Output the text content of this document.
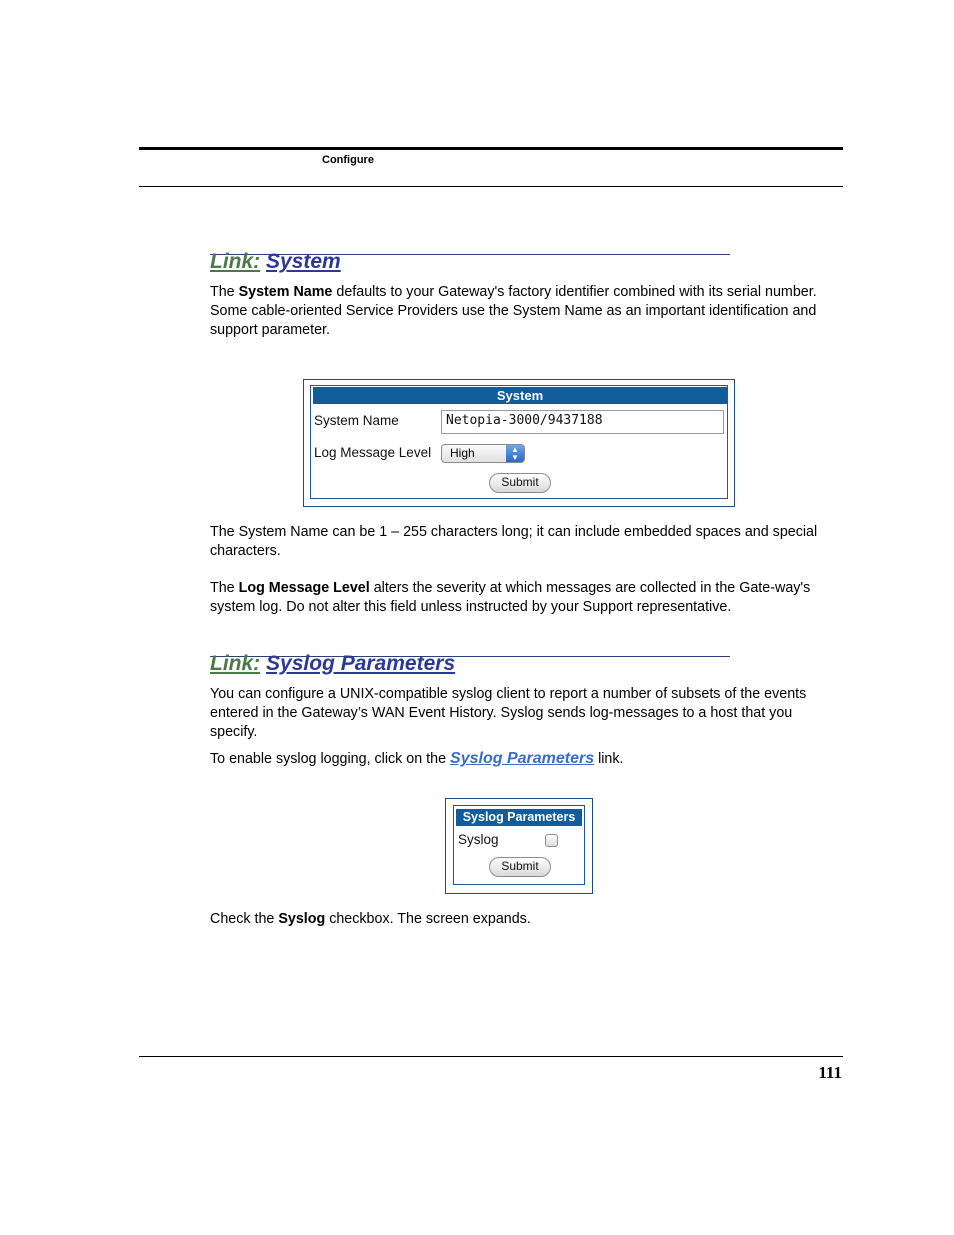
Configure
Link: System
The System Name defaults to your Gateway's factory identifier combined with its serial number. Some cable-oriented Service Providers use the System Name as an important identification and support parameter.
System
System Name	Netopia-3000/9437188
Log Message Level	High	▲
▼
Submit
The System Name can be 1 – 255 characters long; it can include embedded spaces and special characters.
The Log Message Level alters the severity at which messages are collected in the Gate-way's system log. Do not alter this field unless instructed by your Support representative.
Link: Syslog Parameters
You can configure a UNIX-compatible syslog client to report a number of subsets of the events entered in the Gateway’s WAN Event History. Syslog sends log-messages to a host that you specify.
To enable syslog logging, click on the Syslog Parameters link.
Syslog Parameters
Syslog
Submit
Check the Syslog checkbox. The screen expands.
111
